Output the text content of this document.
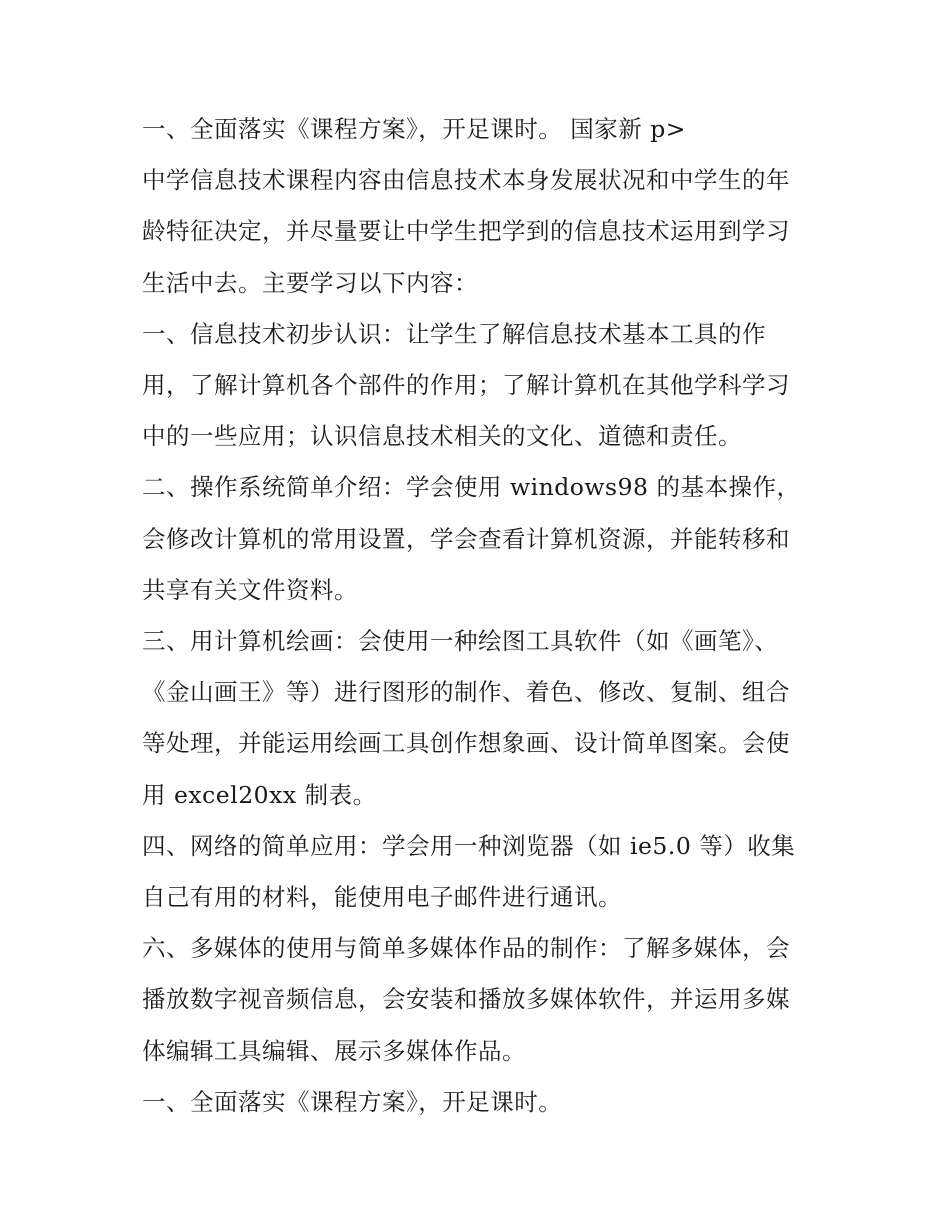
一、全面落实《课程方案》，开足课时。 国家新 p>

中学信息技术课程内容由信息技术本身发展状况和中学生的年

龄特征决定，并尽量要让中学生把学到的信息技术运用到学习

生活中去。主要学习以下内容：

一、信息技术初步认识：让学生了解信息技术基本工具的作

用，了解计算机各个部件的作用；了解计算机在其他学科学习

中的一些应用；认识信息技术相关的文化、道德和责任。

二、操作系统简单介绍：学会使用 windows98 的基本操作，

会修改计算机的常用设置，学会查看计算机资源，并能转移和

共享有关文件资料。

三、用计算机绘画：会使用一种绘图工具软件（如《画笔》、

《金山画王》等）进行图形的制作、着色、修改、复制、组合

等处理，并能运用绘画工具创作想象画、设计简单图案。会使

用 excel20xx 制表。

四、网络的简单应用：学会用一种浏览器（如 ie5.0 等）收集

自己有用的材料，能使用电子邮件进行通讯。

六、多媒体的使用与简单多媒体作品的制作：了解多媒体，会

播放数字视音频信息，会安装和播放多媒体软件，并运用多媒

体编辑工具编辑、展示多媒体作品。

一、全面落实《课程方案》，开足课时。
